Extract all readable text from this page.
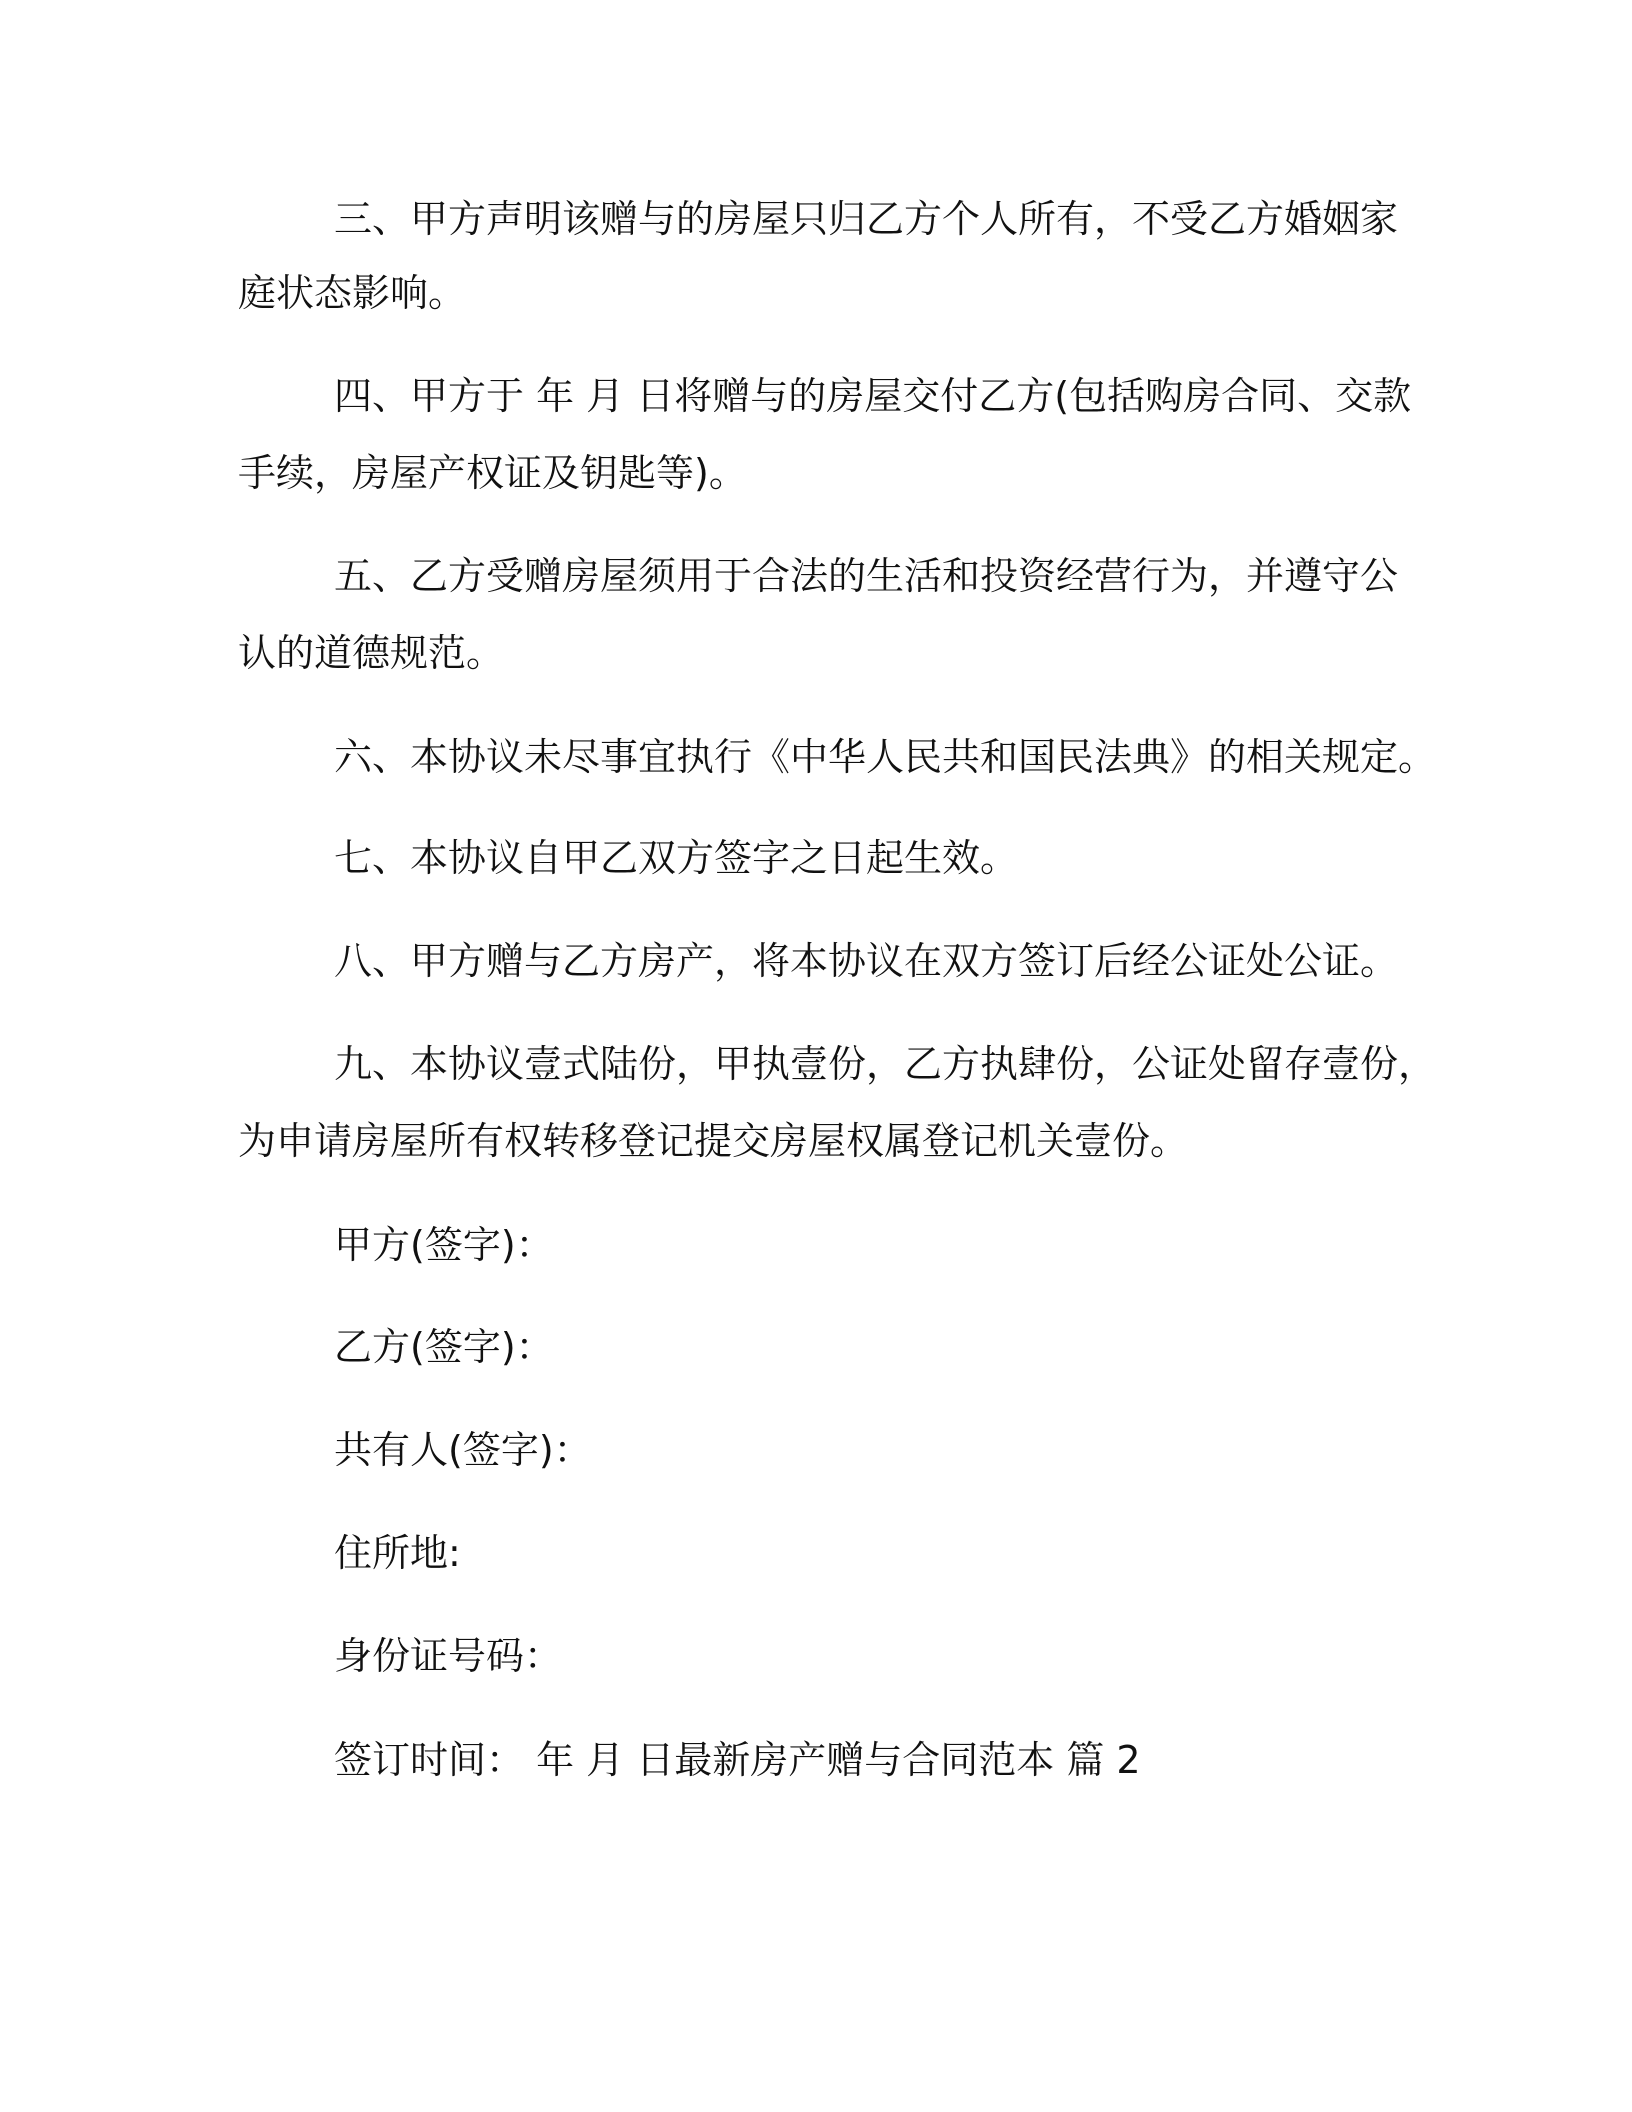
三、甲方声明该赠与的房屋只归乙方个人所有，不受乙方婚姻家
庭状态影响。
四、甲方于 年 月 日将赠与的房屋交付乙方(包括购房合同、交款
手续，房屋产权证及钥匙等)。
五、乙方受赠房屋须用于合法的生活和投资经营行为，并遵守公
认的道德规范。
六、本协议未尽事宜执行《中华人民共和国民法典》的相关规定。
七、本协议自甲乙双方签字之日起生效。
八、甲方赠与乙方房产，将本协议在双方签订后经公证处公证。
九、本协议壹式陆份，甲执壹份，乙方执肆份，公证处留存壹份，
为申请房屋所有权转移登记提交房屋权属登记机关壹份。
甲方(签字)：
乙方(签字)：
共有人(签字)：
住所地:
身份证号码：
签订时间： 年 月 日最新房产赠与合同范本 篇 2
